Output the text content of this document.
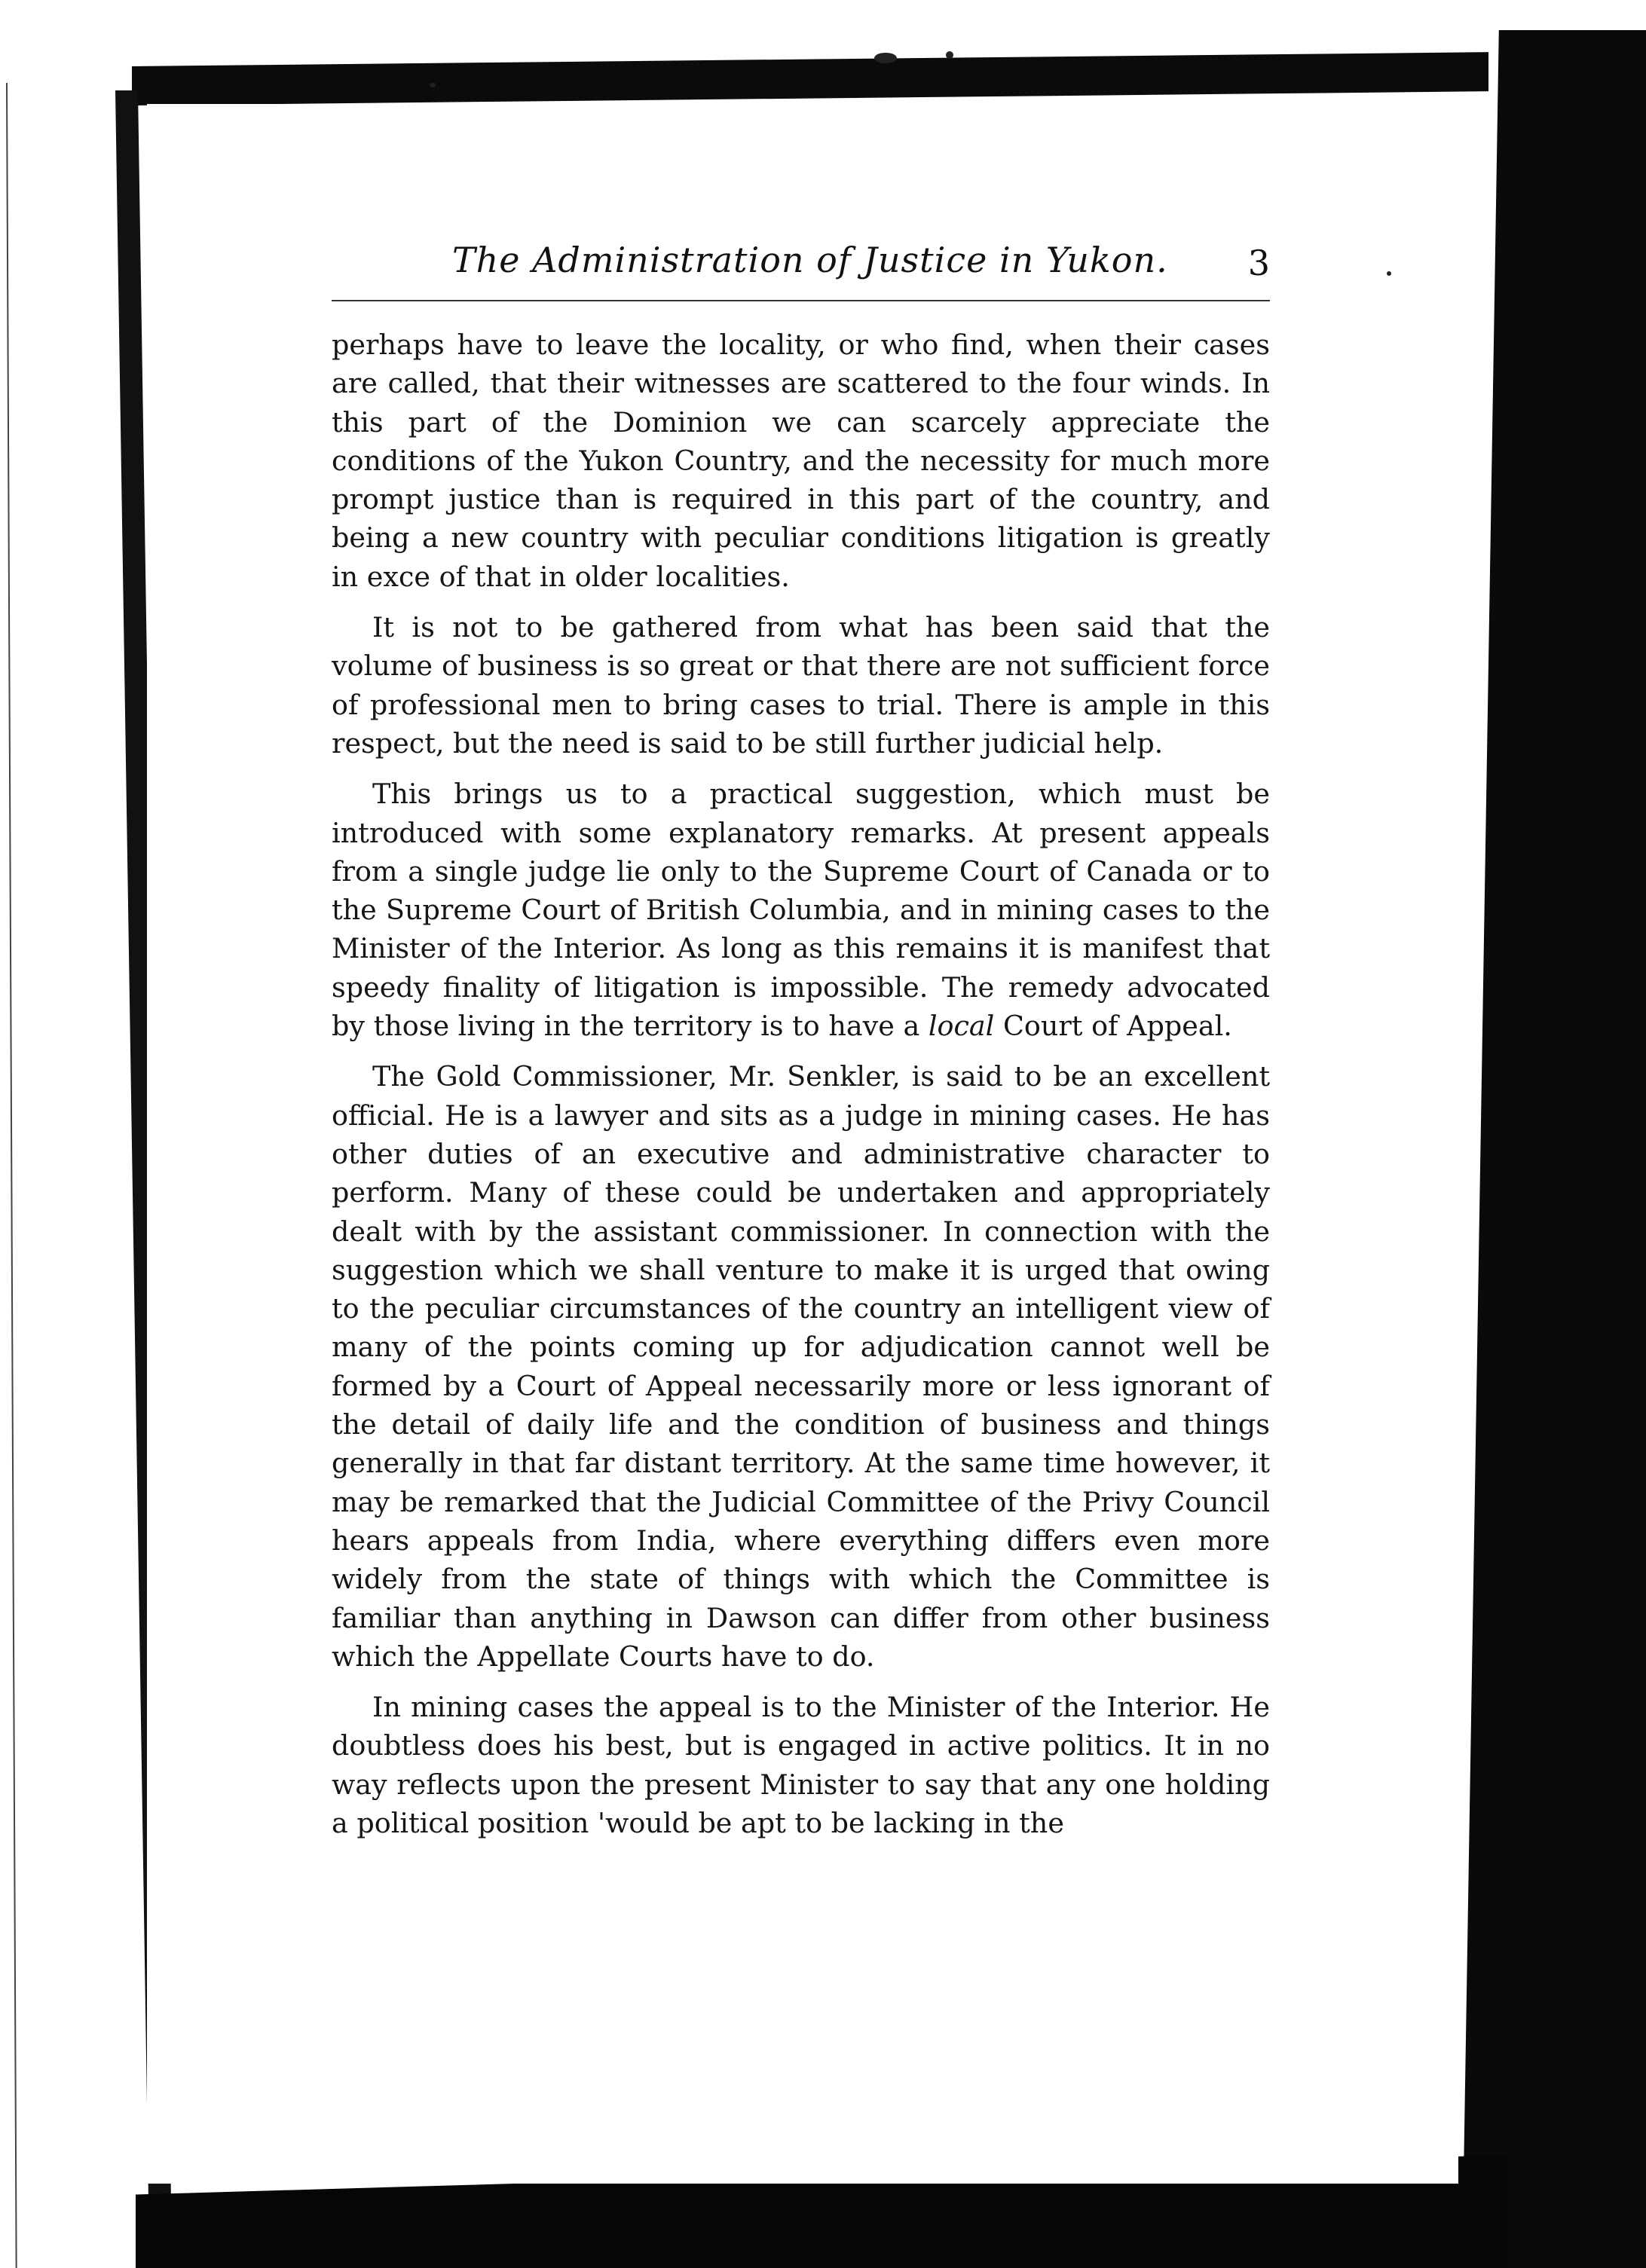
The Administration of Justice in Yukon. 3

perhaps have to leave the locality, or who find, when their cases are called, that their witnesses are scattered to the four winds. In this part of the Dominion we can scarcely appreciate the conditions of the Yukon Country, and the necessity for much more prompt justice than is required in this part of the country, and being a new country with peculiar conditions litigation is greatly in exce of that in older localities.

It is not to be gathered from what has been said that the volume of business is so great or that there are not sufficient force of professional men to bring cases to trial. There is ample in this respect, but the need is said to be still further judicial help.

This brings us to a practical suggestion, which must be introduced with some explanatory remarks. At present appeals from a single judge lie only to the Supreme Court of Canada or to the Supreme Court of British Columbia, and in mining cases to the Minister of the Interior. As long as this remains it is manifest that speedy finality of litigation is impossible. The remedy advocated by those living in the territory is to have a local Court of Appeal.

The Gold Commissioner, Mr. Senkler, is said to be an excellent official. He is a lawyer and sits as a judge in mining cases. He has other duties of an executive and administrative character to perform. Many of these could be undertaken and appropriately dealt with by the assistant commissioner. In connection with the suggestion which we shall venture to make it is urged that owing to the peculiar circumstances of the country an intelligent view of many of the points coming up for adjudication cannot well be formed by a Court of Appeal necessarily more or less ignorant of the detail of daily life and the condition of business and things generally in that far distant territory. At the same time however, it may be remarked that the Judicial Committee of the Privy Council hears appeals from India, where everything differs even more widely from the state of things with which the Committee is familiar than anything in Dawson can differ from other business which the Appellate Courts have to do.

In mining cases the appeal is to the Minister of the Interior. He doubtless does his best, but is engaged in active politics. It in no way reflects upon the present Minister to say that any one holding a political position 'would be apt to be lacking in the
